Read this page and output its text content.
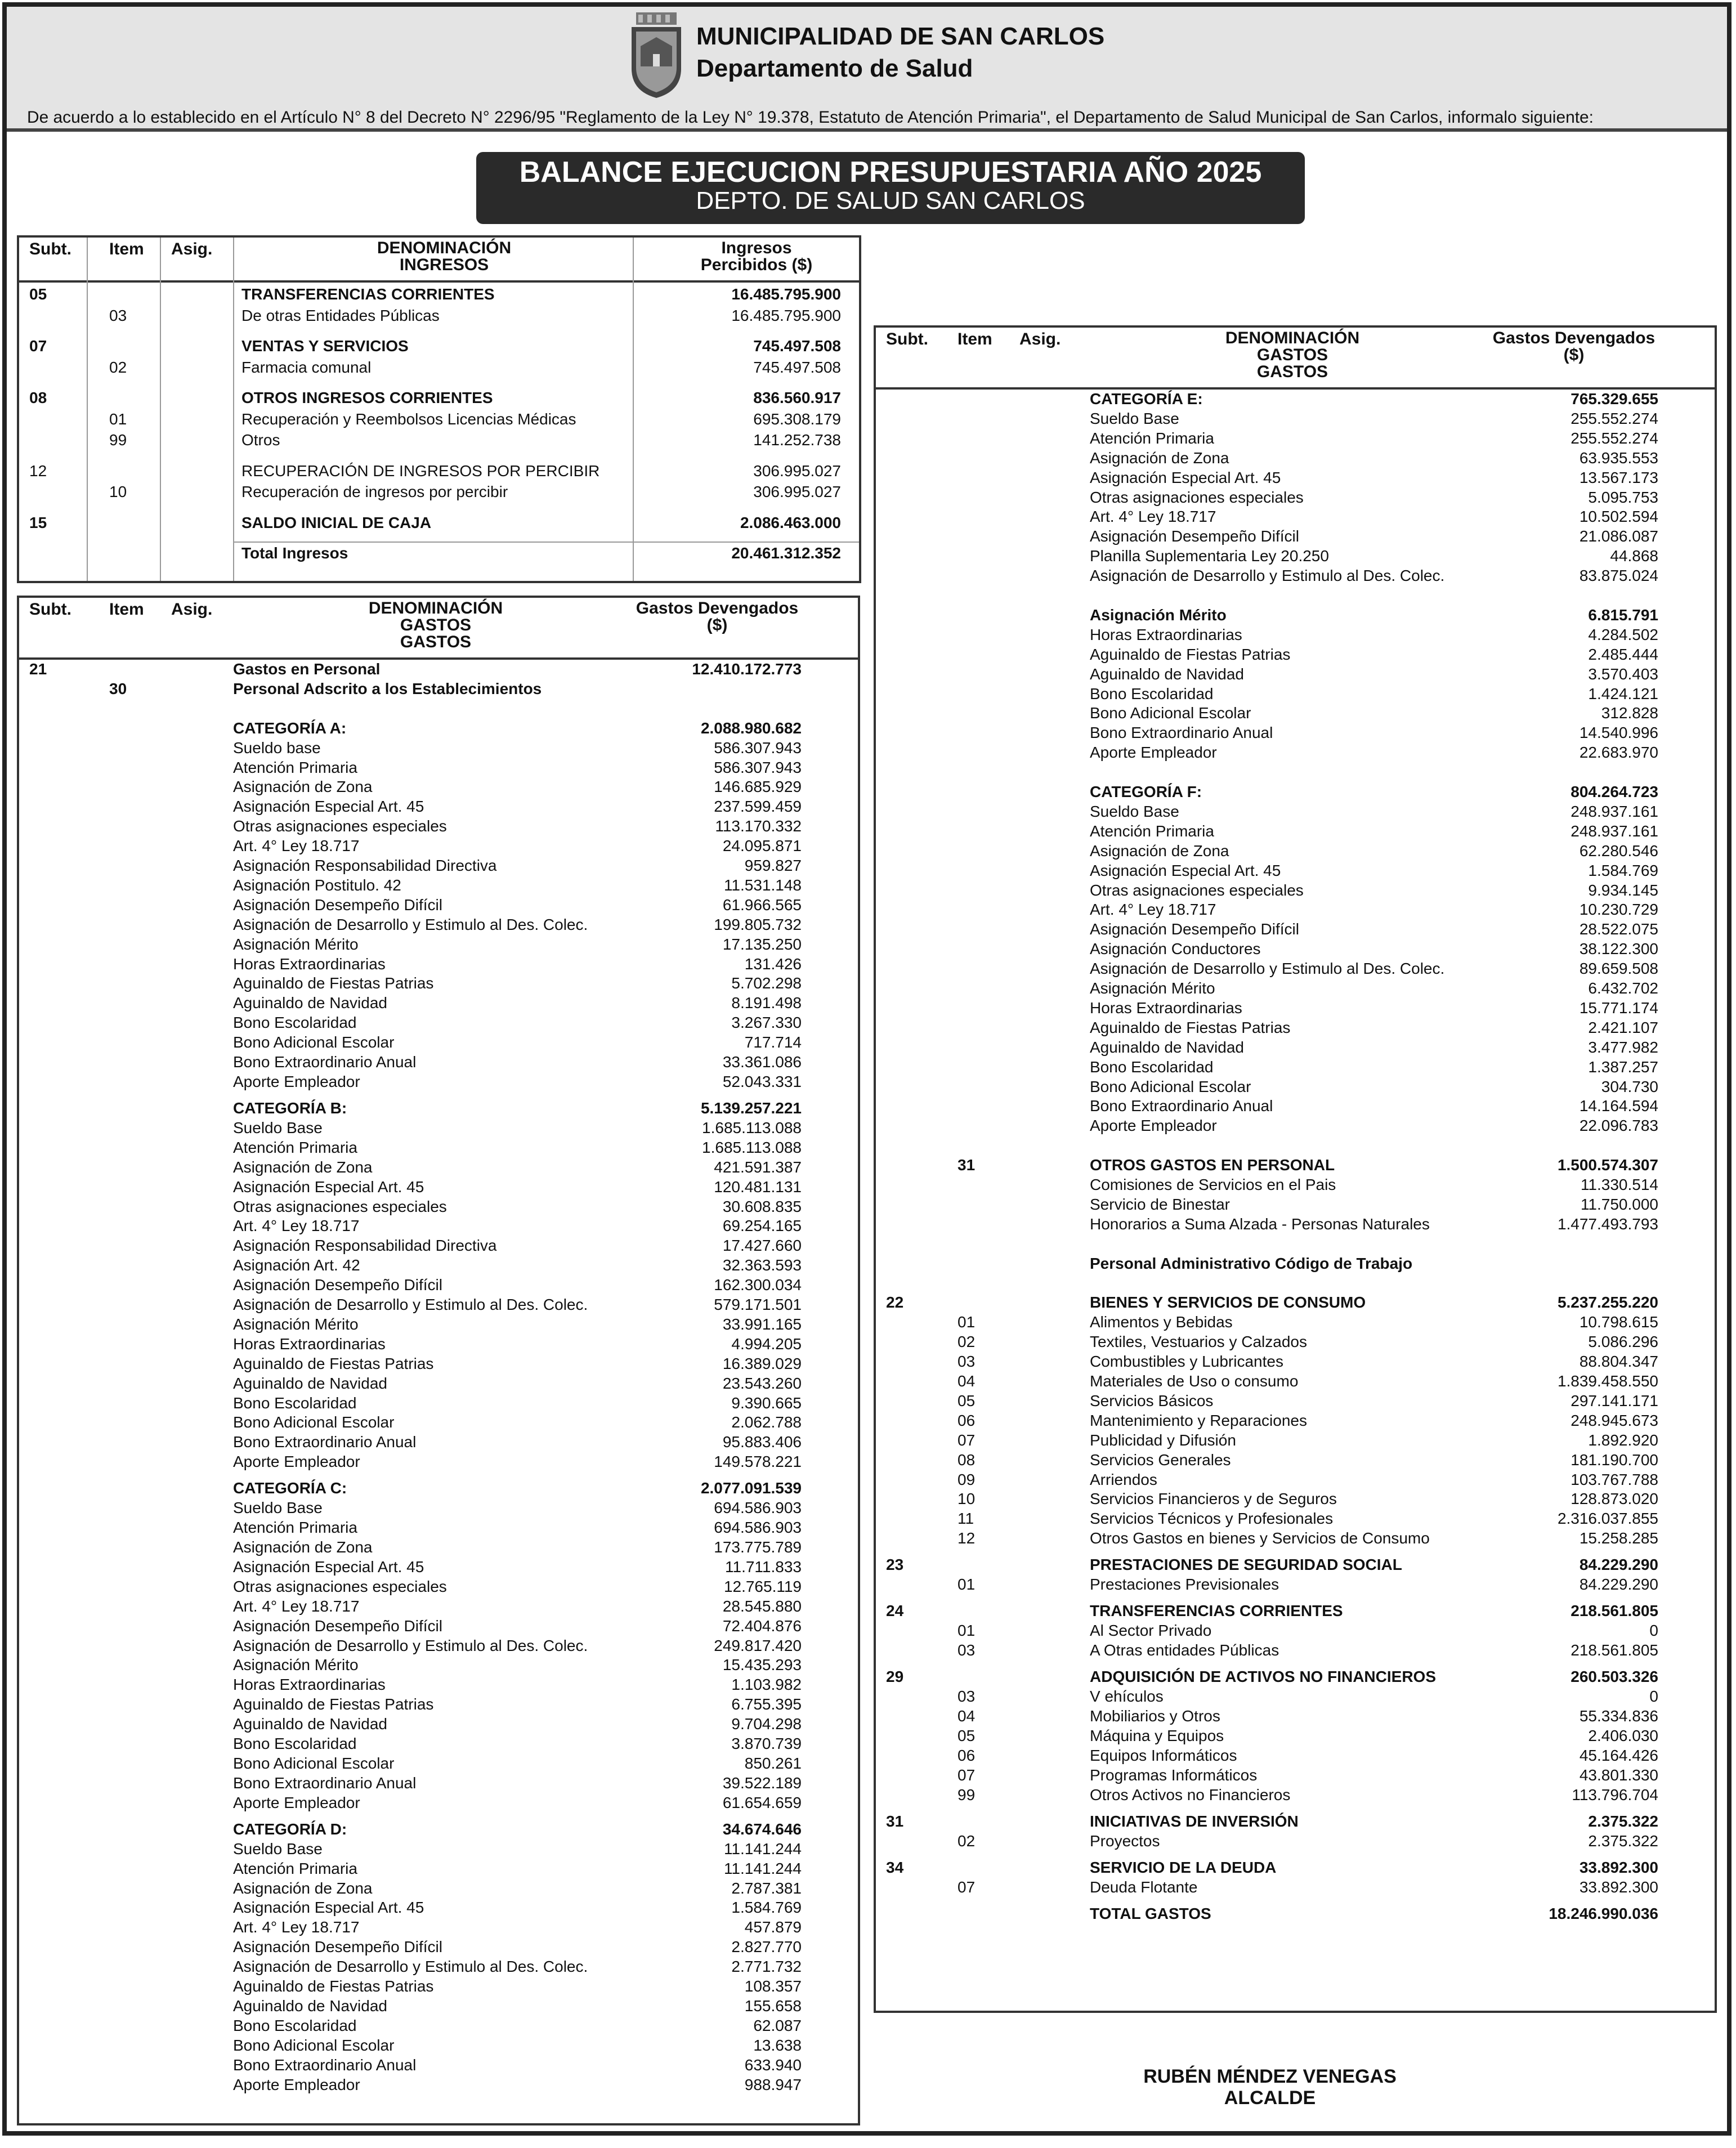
MUNICIPALIDAD DE SAN CARLOS
Departamento de Salud
De acuerdo a lo establecido en el Artículo N° 8 del Decreto N° 2296/95 "Reglamento de la Ley N° 19.378, Estatuto de Atención Primaria", el Departamento de Salud Municipal de San Carlos, informalo siguiente:
BALANCE EJECUCION PRESUPUESTARIA AÑO 2025
DEPTO. DE SALUD SAN CARLOS
Subt. Item Asig.	DENOMINACIÓN
INGRESOS
Ingresos
Percibidos ($)
05	TRANSFERENCIAS CORRIENTES	16.485.795.900
03	De otras Entidades Públicas	16.485.795.900
07	VENTAS Y SERVICIOS	745.497.508
02	Farmacia comunal	745.497.508
08	OTROS INGRESOS CORRIENTES	836.560.917
01	Recuperación y Reembolsos Licencias Médicas	695.308.179
99	Otros	141.252.738
12	RECUPERACIÓN DE INGRESOS POR PERCIBIR	306.995.027
10	Recuperación de ingresos por percibir	306.995.027
15	SALDO INICIAL DE CAJA	2.086.463.000
Total Ingresos	20.461.312.352
Subt. Item Asig.	DENOMINACIÓN
GASTOS
GASTOS
Gastos Devengados
($)
21	Gastos en Personal	12.410.172.773
30	Personal Adscrito a los Establecimientos
CATEGORÍA A:	2.088.980.682
Sueldo base	586.307.943
Atención Primaria	586.307.943
Asignación de Zona	146.685.929
Asignación Especial Art. 45	237.599.459
Otras asignaciones especiales	113.170.332
Art. 4° Ley 18.717	24.095.871
Asignación Responsabilidad Directiva	959.827
Asignación Postitulo. 42	11.531.148
Asignación Desempeño Difícil	61.966.565
Asignación de Desarrollo y Estimulo al Des. Colec.	199.805.732
Asignación Mérito	17.135.250
Horas Extraordinarias	131.426
Aguinaldo de Fiestas Patrias	5.702.298
Aguinaldo de Navidad	8.191.498
Bono Escolaridad	3.267.330
Bono Adicional Escolar	717.714
Bono Extraordinario Anual	33.361.086
Aporte Empleador	52.043.331
CATEGORÍA B:	5.139.257.221
Sueldo Base	1.685.113.088
Atención Primaria	1.685.113.088
Asignación de Zona	421.591.387
Asignación Especial Art. 45	120.481.131
Otras asignaciones especiales	30.608.835
Art. 4° Ley 18.717	69.254.165
Asignación Responsabilidad Directiva	17.427.660
Asignación Art. 42	32.363.593
Asignación Desempeño Difícil	162.300.034
Asignación de Desarrollo y Estimulo al Des. Colec.	579.171.501
Asignación Mérito	33.991.165
Horas Extraordinarias	4.994.205
Aguinaldo de Fiestas Patrias	16.389.029
Aguinaldo de Navidad	23.543.260
Bono Escolaridad	9.390.665
Bono Adicional Escolar	2.062.788
Bono Extraordinario Anual	95.883.406
Aporte Empleador	149.578.221
CATEGORÍA C:	2.077.091.539
Sueldo Base	694.586.903
Atención Primaria	694.586.903
Asignación de Zona	173.775.789
Asignación Especial Art. 45	11.711.833
Otras asignaciones especiales	12.765.119
Art. 4° Ley 18.717	28.545.880
Asignación Desempeño Difícil	72.404.876
Asignación de Desarrollo y Estimulo al Des. Colec.	249.817.420
Asignación Mérito	15.435.293
Horas Extraordinarias	1.103.982
Aguinaldo de Fiestas Patrias	6.755.395
Aguinaldo de Navidad	9.704.298
Bono Escolaridad	3.870.739
Bono Adicional Escolar	850.261
Bono Extraordinario Anual	39.522.189
Aporte Empleador	61.654.659
CATEGORÍA D:	34.674.646
Sueldo Base	11.141.244
Atención Primaria	11.141.244
Asignación de Zona	2.787.381
Asignación Especial Art. 45	1.584.769
Art. 4° Ley 18.717	457.879
Asignación Desempeño Difícil	2.827.770
Asignación de Desarrollo y Estimulo al Des. Colec.	2.771.732
Aguinaldo de Fiestas Patrias	108.357
Aguinaldo de Navidad	155.658
Bono Escolaridad	62.087
Bono Adicional Escolar	13.638
Bono Extraordinario Anual	633.940
Aporte Empleador	988.947
Subt. Item Asig.	DENOMINACIÓN
GASTOS
GASTOS
Gastos Devengados
($)
CATEGORÍA E:	765.329.655
Sueldo Base	255.552.274
Atención Primaria	255.552.274
Asignación de Zona	63.935.553
Asignación Especial Art. 45	13.567.173
Otras asignaciones especiales	5.095.753
Art. 4° Ley 18.717	10.502.594
Asignación Desempeño Difícil	21.086.087
Planilla Suplementaria Ley 20.250	44.868
Asignación de Desarrollo y Estimulo al Des. Colec.	83.875.024
Asignación Mérito	6.815.791
Horas Extraordinarias	4.284.502
Aguinaldo de Fiestas Patrias	2.485.444
Aguinaldo de Navidad	3.570.403
Bono Escolaridad	1.424.121
Bono Adicional Escolar	312.828
Bono Extraordinario Anual	14.540.996
Aporte Empleador	22.683.970
CATEGORÍA F:	804.264.723
Sueldo Base	248.937.161
Atención Primaria	248.937.161
Asignación de Zona	62.280.546
Asignación Especial Art. 45	1.584.769
Otras asignaciones especiales	9.934.145
Art. 4° Ley 18.717	10.230.729
Asignación Desempeño Difícil	28.522.075
Asignación Conductores	38.122.300
Asignación de Desarrollo y Estimulo al Des. Colec.	89.659.508
Asignación Mérito	6.432.702
Horas Extraordinarias	15.771.174
Aguinaldo de Fiestas Patrias	2.421.107
Aguinaldo de Navidad	3.477.982
Bono Escolaridad	1.387.257
Bono Adicional Escolar	304.730
Bono Extraordinario Anual	14.164.594
Aporte Empleador	22.096.783
31	OTROS GASTOS EN PERSONAL	1.500.574.307
Comisiones de Servicios en el Pais	11.330.514
Servicio de Binestar	11.750.000
Honorarios a Suma Alzada - Personas Naturales	1.477.493.793
Personal Administrativo Código de Trabajo
22	BIENES Y SERVICIOS DE CONSUMO	5.237.255.220
01	Alimentos y Bebidas	10.798.615
02	Textiles, Vestuarios y Calzados	5.086.296
03	Combustibles y Lubricantes	88.804.347
04	Materiales de Uso o consumo	1.839.458.550
05	Servicios Básicos	297.141.171
06	Mantenimiento y Reparaciones	248.945.673
07	Publicidad y Difusión	1.892.920
08	Servicios Generales	181.190.700
09	Arriendos	103.767.788
10	Servicios Financieros y de Seguros	128.873.020
11	Servicios Técnicos y Profesionales	2.316.037.855
12	Otros Gastos en bienes y Servicios de Consumo	15.258.285
23	PRESTACIONES DE SEGURIDAD SOCIAL	84.229.290
01	Prestaciones Previsionales	84.229.290
24	TRANSFERENCIAS CORRIENTES	218.561.805
01	Al Sector Privado	0
03	A Otras entidades Públicas	218.561.805
29	ADQUISICIÓN DE ACTIVOS NO FINANCIEROS	260.503.326
03	V ehículos	0
04	Mobiliarios y Otros	55.334.836
05	Máquina y Equipos	2.406.030
06	Equipos Informáticos	45.164.426
07	Programas Informáticos	43.801.330
99	Otros Activos no Financieros	113.796.704
31	INICIATIVAS DE INVERSIÓN	2.375.322
02	Proyectos	2.375.322
34	SERVICIO DE LA DEUDA	33.892.300
07	Deuda Flotante	33.892.300
TOTAL GASTOS	18.246.990.036
RUBÉN MÉNDEZ VENEGAS
ALCALDE
